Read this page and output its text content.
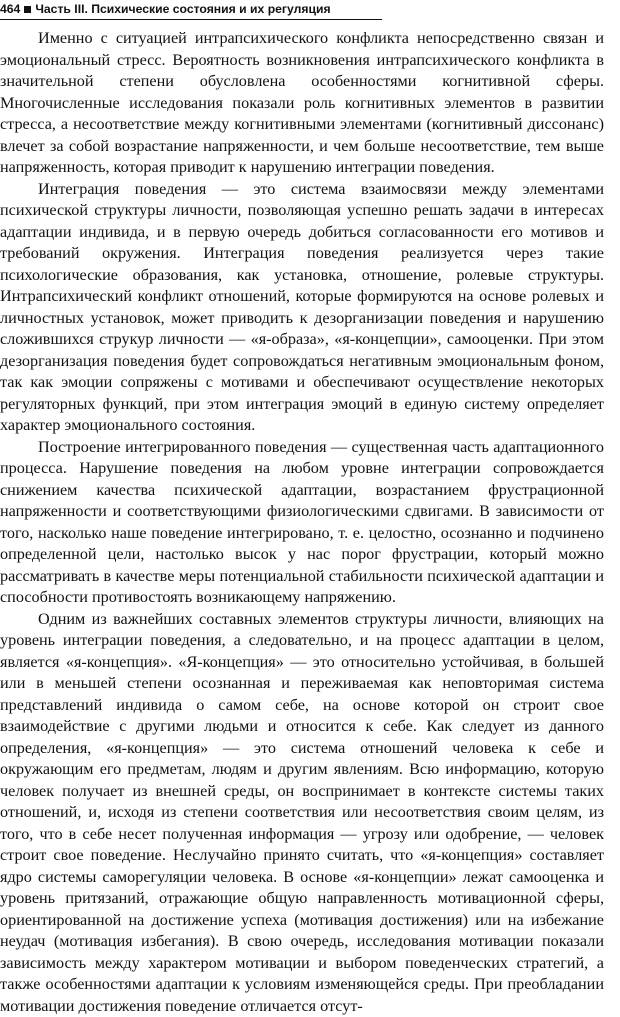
464 Часть III. Психические состояния и их регуляция

Именно с ситуацией интрапсихического конфликта непосредственно связан и эмоциональный стресс. Вероятность возникновения интрапсихического конфликта в значительной степени обусловлена особенностями когнитивной сферы. Многочисленные исследования показали роль когнитивных элементов в развитии стресса, а несоответствие между когнитивными элементами (когнитивный диссонанс) влечет за собой возрастание напряженности, и чем больше несоответствие, тем выше напряженность, которая приводит к нарушению интеграции поведения.

Интеграция поведения — это система взаимосвязи между элементами психической структуры личности, позволяющая успешно решать задачи в интересах адаптации индивида, и в первую очередь добиться согласованности его мотивов и требований окружения. Интеграция поведения реализуется через такие психологические образования, как установка, отношение, ролевые структуры. Интрапсихический конфликт отношений, которые формируются на основе ролевых и личностных установок, может приводить к дезорганизации поведения и нарушению сложившихся струкур личности — «я-образа», «я-концепции», самооценки. При этом дезорганизация поведения будет сопровождаться негативным эмоциональным фоном, так как эмоции сопряжены с мотивами и обеспечивают осуществление некоторых регуляторных функций, при этом интеграция эмоций в единую систему определяет характер эмоционального состояния.

Построение интегрированного поведения — существенная часть адаптационного процесса. Нарушение поведения на любом уровне интеграции сопровождается снижением качества психической адаптации, возрастанием фрустрационной напряженности и соответствующими физиологическими сдвигами. В зависимости от того, насколько наше поведение интегрировано, т. е. целостно, осознанно и подчинено определенной цели, настолько высок у нас порог фрустрации, который можно рассматривать в качестве меры потенциальной стабильности психической адаптации и способности противостоять возникающему напряжению.

Одним из важнейших составных элементов структуры личности, влияющих на уровень интеграции поведения, а следовательно, и на процесс адаптации в целом, является «я-концепция». «Я-концепция» — это относительно устойчивая, в большей или в меньшей степени осознанная и переживаемая как неповторимая система представлений индивида о самом себе, на основе которой он строит свое взаимодействие с другими людьми и относится к себе. Как следует из данного определения, «я-концепция» — это система отношений человека к себе и окружающим его предметам, людям и другим явлениям. Всю информацию, которую человек получает из внешней среды, он воспринимает в контексте системы таких отношений, и, исходя из степени соответствия или несоответствия своим целям, из того, что в себе несет полученная информация — угрозу или одобрение, — человек строит свое поведение. Неслучайно принято считать, что «я-концепция» составляет ядро системы саморегуляции человека. В основе «я-концепции» лежат самооценка и уровень притязаний, отражающие общую направленность мотивационной сферы, ориентированной на достижение успеха (мотивация достижения) или на избежание неудач (мотивация избегания). В свою очередь, исследования мотивации показали зависимость между характером мотивации и выбором поведенческих стратегий, а также особенностями адаптации к условиям изменяющейся среды. При преобладании мотивации достижения поведение отличается отсут-
